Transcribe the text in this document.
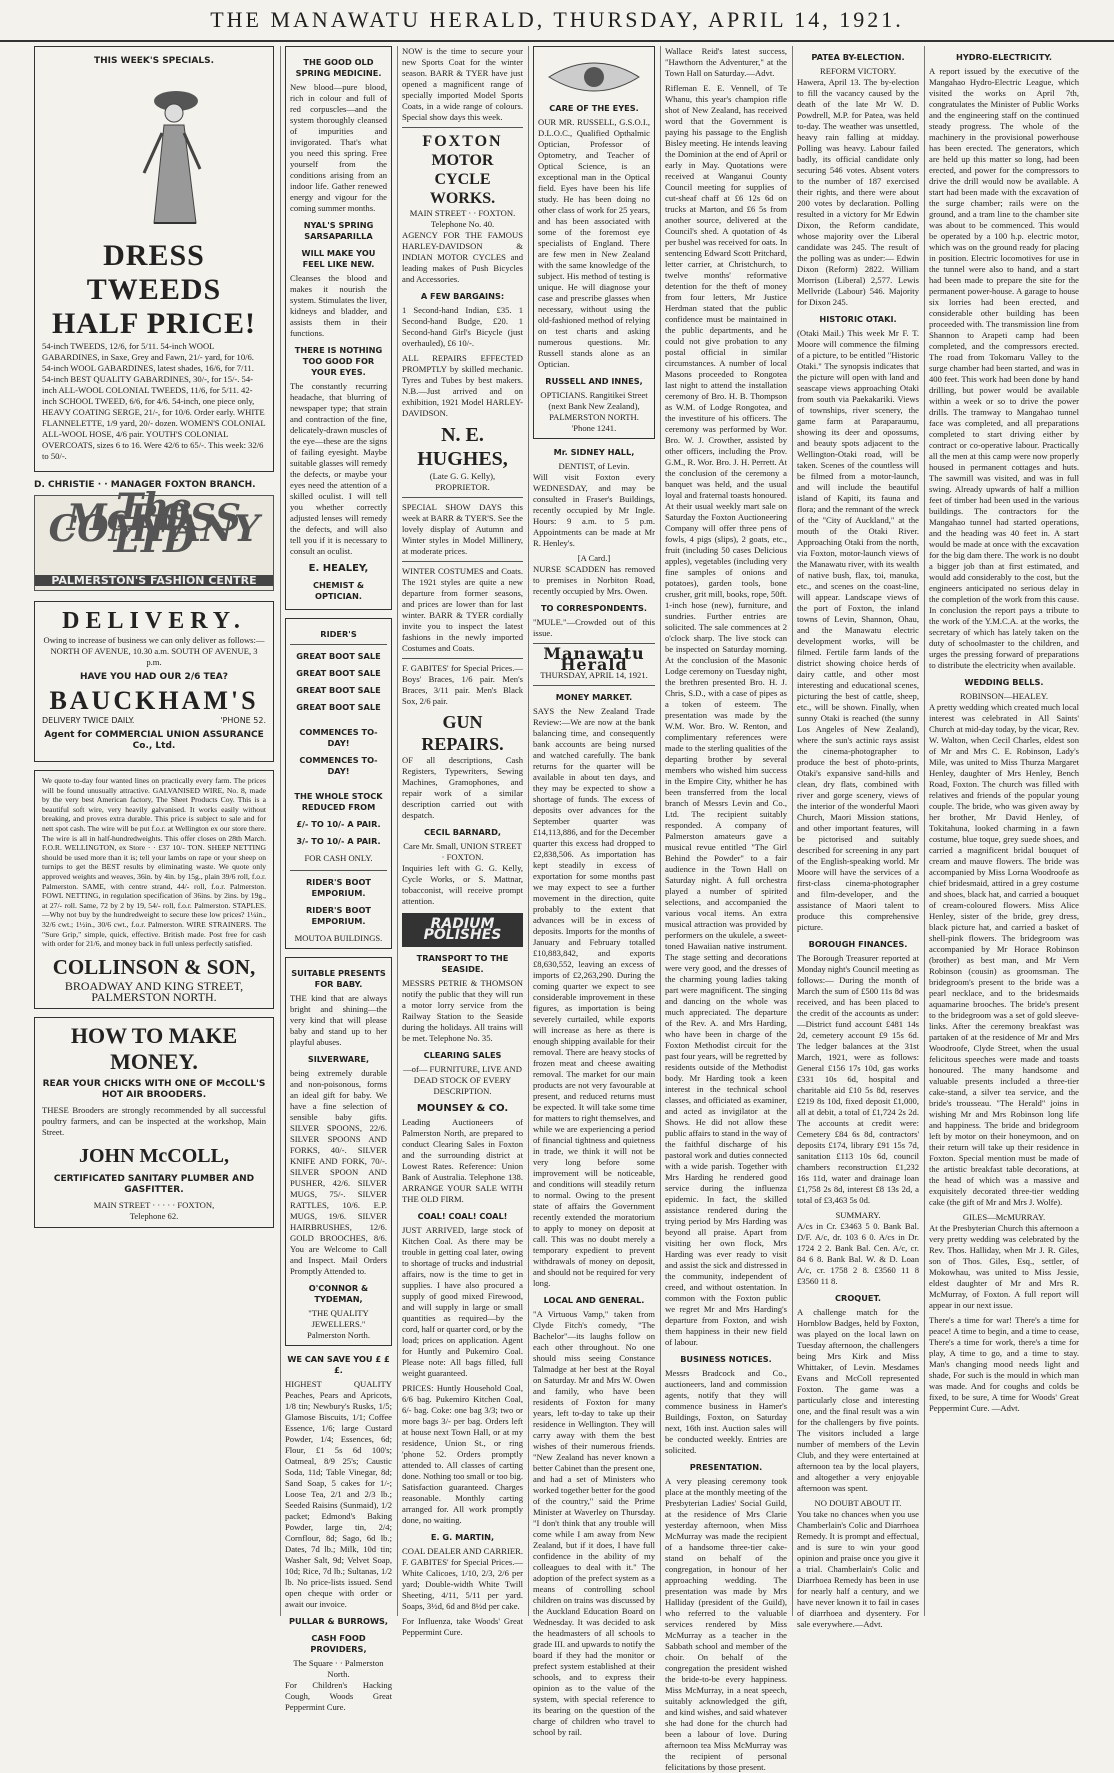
THE MANAWATU HERALD, THURSDAY, APRIL 14, 1921.
THIS WEEK'S SPECIALS.
DRESS TWEEDS
HALF PRICE!

54-inch TWEEDS, 12/6, for 5/11. 54-inch WOOL GABARDINES, in Saxe, Grey and Fawn, 21/- yard, for 10/6. 54-inch WOOL GABARDINES, latest shades, 16/6, for 7/11. 54-inch BEST QUALITY GABARDINES, 30/-, for 15/-. 54-inch ALL-WOOL COLONIAL TWEEDS, 11/6, for 5/11. 42-inch SCHOOL TWEED, 6/6, for 4/6. 54-inch, one piece only, HEAVY COATING SERGE, 21/-, for 10/6. Order early. WHITE FLANNELETTE, 1/9 yard, 20/- dozen. WOMEN'S COLONIAL ALL-WOOL HOSE, 4/6 pair. YOUTH'S COLONIAL OVERCOATS, sizes 6 to 16. Were 42/6 to 65/-. This week: 32/6 to 50/-.

D. CHRISTIE · · MANAGER FOXTON BRANCH.
The McROSS COMPANY LTD
PALMERSTON'S FASHION CENTRE
DELIVERY.

Owing to increase of business we can only deliver as follows:— NORTH OF AVENUE, 10.30 a.m. SOUTH OF AVENUE, 3 p.m.

HAVE YOU HAD OUR 2/6 TEA?
BAUCKHAM'S
DELIVERY TWICE DAILY.	'PHONE 52.
Agent for COMMERCIAL UNION ASSURANCE Co., Ltd.

We quote to-day four wanted lines on practically every farm. The prices will be found unusually attractive. GALVANISED WIRE, No. 8, made by the very best American factory, The Sheet Products Coy. This is a beautiful soft wire, very heavily galvanised. It works easily without breaking, and proves extra durable. This price is subject to sale and for nett spot cash. The wire will be put f.o.r. at Wellington ex our store there. The wire is all in half-hundredweights. This offer closes on 28th March. F.O.R. WELLINGTON, ex Store · · £37 10/- TON. SHEEP NETTING should be used more than it is; tell your lambs on rape or your sheep on turnips to get the BEST results by eliminating waste. We quote only approved weights and weaves, 36in. by 4in. by 15g., plain 39/6 roll, f.o.r. Palmerston. SAME, with centre strand, 44/- roll, f.o.r. Palmerston. FOWL NETTING, in regulation specification of 36ins. by 2ins. by 19g., at 27/- roll. Same, 72 by 2 by 19, 54/- roll, f.o.r. Palmerston. STAPLES.—Why not buy by the hundredweight to secure these low prices? 1¼in., 32/6 cwt.; 1½in., 30/6 cwt., f.o.r. Palmerston. WIRE STRAINERS. The "Sure Grip," simple, quick, effective. British made. Post free for cash with order for 21/6, and money back in full unless perfectly satisfied.

COLLINSON & SON,
BROADWAY AND KING STREET,
PALMERSTON NORTH.
HOW TO MAKE MONEY.
REAR YOUR CHICKS WITH ONE OF McCOLL'S HOT AIR BROODERS.

THESE Brooders are strongly recommended by all successful poultry farmers, and can be inspected at the workshop, Main Street.

JOHN McCOLL,
CERTIFICATED SANITARY PLUMBER AND GASFITTER.
MAIN STREET · · · · · FOXTON,
Telephone 62.
THE GOOD OLD SPRING MEDICINE.

New blood—pure blood, rich in colour and full of red corpuscles—and the system thoroughly cleansed of impurities and invigorated. That's what you need this spring. Free yourself from the conditions arising from an indoor life. Gather renewed energy and vigour for the coming summer months.

NYAL'S SPRING SARSAPARILLA
WILL MAKE YOU FEEL LIKE NEW.

Cleanses the blood and makes it nourish the system. Stimulates the liver, kidneys and bladder, and assists them in their functions.

THERE IS NOTHING TOO GOOD FOR YOUR EYES.

The constantly recurring headache, that blurring of newspaper type; that strain and contraction of the fine, delicately-drawn muscles of the eye—these are the signs of failing eyesight. Maybe suitable glasses will remedy the defects, or maybe your eyes need the attention of a skilled oculist. I will tell you whether correctly adjusted lenses will remedy the defects, and will also tell you if it is necessary to consult an oculist.

E. HEALEY,
CHEMIST & OPTICIAN.
RIDER'S
GREAT BOOT SALE
GREAT BOOT SALE
GREAT BOOT SALE
GREAT BOOT SALE
COMMENCES TO-DAY!
COMMENCES TO-DAY!
THE WHOLE STOCK REDUCED FROM
£/- TO 10/- A PAIR.
3/- TO 10/- A PAIR.
FOR CASH ONLY.
RIDER'S BOOT EMPORIUM.
RIDER'S BOOT EMPORIUM.
MOUTOA BUILDINGS.
SUITABLE PRESENTS FOR BABY.

THE kind that are always bright and shining—the very kind that will please baby and stand up to her playful abuses.

SILVERWARE,

being extremely durable and non-poisonous, forms an ideal gift for baby. We have a fine selection of sensible baby gifts. SILVER SPOONS, 22/6. SILVER SPOONS AND FORKS, 40/-. SILVER KNIFE AND FORK, 70/-. SILVER SPOON AND PUSHER, 42/6. SILVER MUGS, 75/-. SILVER RATTLES, 10/6. E.P. MUGS, 19/6. SILVER HAIRBRUSHES, 12/6. GOLD BROOCHES, 8/6. You are Welcome to Call and Inspect. Mail Orders Promptly Attended to.

O'CONNOR & TYDEMAN,
"THE QUALITY JEWELLERS."
Palmerston North.
WE CAN SAVE YOU £ £ £.

HIGHEST QUALITY Peaches, Pears and Apricots, 1/8 tin; Newbury's Rusks, 1/5; Glamose Biscuits, 1/1; Coffee Essence, 1/6; large Custard Powder, 1/4; Essences, 6d; Flour, £1 5s 6d 100's; Oatmeal, 8/9 25's; Caustic Soda, 11d; Table Vinegar, 8d; Sand Soap, 5 cakes for 1/-; Loose Tea, 2/1 and 2/3 lb.; Seeded Raisins (Sunmaid), 1/2 packet; Edmond's Baking Powder, large tin, 2/4; Cornflour, 8d; Sago, 6d lb.; Dates, 7d lb.; Milk, 10d tin; Washer Salt, 9d; Velvet Soap, 10d; Rice, 7d lb.; Sultanas, 1/2 lb. No price-lists issued. Send open cheque with order or await our invoice.

PULLAR & BURROWS,
CASH FOOD PROVIDERS,
The Square · · Palmerston North.

For Children's Hacking Cough, Woods Great Peppermint Cure.

NOW is the time to secure your new Sports Coat for the winter season. BARR & TYER have just opened a magnificent range of specially imported Model Sports Coats, in a wide range of colours. Special show days this week.

FOXTON
MOTOR CYCLE WORKS.
MAIN STREET · · FOXTON.
Telephone No. 40.

AGENCY FOR THE FAMOUS HARLEY-DAVIDSON & INDIAN MOTOR CYCLES and leading makes of Push Bicycles and Accessories.

A FEW BARGAINS:

1 Second-hand Indian, £35. 1 Second-hand Budge, £20. 1 Second-hand Girl's Bicycle (just overhauled), £6 10/-.

ALL REPAIRS EFFECTED PROMPTLY by skilled mechanic. Tyres and Tubes by best makers. N.B.—Just arrived and on exhibition, 1921 Model HARLEY-DAVIDSON.

N. E. HUGHES,
(Late G. G. Kelly), PROPRIETOR.

SPECIAL SHOW DAYS this week at BARR & TYER'S. See the lovely display of Autumn and Winter styles in Model Millinery, at moderate prices.

WINTER COSTUMES and Coats. The 1921 styles are quite a new departure from former seasons, and prices are lower than for last winter. BARR & TYER cordially invite you to inspect the latest fashions in the newly imported Costumes and Coats.

F. GABITES' for Special Prices.—Boys' Braces, 1/6 pair. Men's Braces, 3/11 pair. Men's Black Sox, 2/6 pair.

GUN REPAIRS.

OF all descriptions, Cash Registers, Typewriters, Sewing Machines, Gramophones, and repair work of a similar description carried out with despatch.

CECIL BARNARD,
Care Mr. Small, UNION STREET · FOXTON.

Inquiries left with G. G. Kelly, Cycle Works, or S. Mattnar, tobacconist, will receive prompt attention.

RADIUM POLISHES
TRANSPORT TO THE SEASIDE.

MESSRS PETRIE & THOMSON notify the public that they will run a motor lorry service from the Railway Station to the Seaside during the holidays. All trains will be met. Telephone No. 35.

CLEARING SALES
—of— FURNITURE, LIVE AND DEAD STOCK OF EVERY DESCRIPTION.
MOUNSEY & CO.

Leading Auctioneers of Palmerston North, are prepared to conduct Clearing Sales in Foxton and the surrounding district at Lowest Rates. Reference: Union Bank of Australia. Telephone 138. ARRANGE YOUR SALE WITH THE OLD FIRM.

COAL! COAL! COAL!

JUST ARRIVED, large stock of Kitchen Coal. As there may be trouble in getting coal later, owing to shortage of trucks and industrial affairs, now is the time to get in supplies. I have also procured a supply of good mixed Firewood, and will supply in large or small quantities as required—by the cord, half or quarter cord, or by the load; prices on application. Agent for Huntly and Pukemiro Coal. Please note: All bags filled, full weight guaranteed.

PRICES: Huntly Household Coal, 6/6 bag. Pukemiro Kitchen Coal, 6/- bag. Coke: one bag 3/3; two or more bags 3/- per bag. Orders left at house next Town Hall, or at my residence, Union St., or ring 'phone 52. Orders promptly attended to. All classes of carting done. Nothing too small or too big. Satisfaction guaranteed. Charges reasonable. Monthly carting arranged for. All work promptly done, no waiting.

E. G. MARTIN,
COAL DEALER AND CARRIER.

F. GABITES' for Special Prices.—White Calicoes, 1/10, 2/3, 2/6 per yard; Double-width White Twill Sheeting, 4/11, 5/11 per yard. Soaps, 3½d, 6d and 8½d per cake.

For Influenza, take Woods' Great Peppermint Cure.

CARE OF THE EYES.

OUR MR. RUSSELL, G.S.O.I., D.L.O.C., Qualified Opthalmic Optician, Professor of Optometry, and Teacher of Optical Science, is an exceptional man in the Optical field. Eyes have been his life study. He has been doing no other class of work for 25 years, and has been associated with some of the foremost eye specialists of England. There are few men in New Zealand with the same knowledge of the subject. His method of testing is unique. He will diagnose your case and prescribe glasses when necessary, without using the old-fashioned method of relying on test charts and asking numerous questions. Mr. Russell stands alone as an Optician.

RUSSELL AND INNES,
OPTICIANS. Rangitikei Street (next Bank New Zealand), PALMERSTON NORTH. 'Phone 1241.
Mr. SIDNEY HALL,
DENTIST, of Levin.

Will visit Foxton every WEDNESDAY, and may be consulted in Fraser's Buildings, recently occupied by Mr Ingle. Hours: 9 a.m. to 5 p.m. Appointments can be made at Mr R. Henley's.

[A Card.]

NURSE SCADDEN has removed to premises in Norbiton Road, recently occupied by Mrs. Owen.

TO CORRESPONDENTS.

"MULE."—Crowded out of this issue.

Manawatu Herald
THURSDAY, APRIL 14, 1921.
MONEY MARKET.

SAYS the New Zealand Trade Review:—We are now at the bank balancing time, and consequently bank accounts are being nursed and watched carefully. The bank returns for the quarter will be available in about ten days, and they may be expected to show a shortage of funds. The excess of deposits over advances for the September quarter was £14,113,886, and for the December quarter this excess had dropped to £2,838,506. As importation has kept steadily in excess of exportation for some months past we may expect to see a further movement in the direction, quite probably to the extent that advances will be in excess of deposits. Imports for the months of January and February totalled £10,883,842, and exports £8,630,552, leaving an excess of imports of £2,263,290. During the coming quarter we expect to see considerable improvement in these figures, as importation is being severely curtailed, while exports will increase as here as there is enough shipping available for their removal. There are heavy stocks of frozen meat and cheese awaiting removal. The market for our main products are not very favourable at present, and reduced returns must be expected. It will take some time for matters to right themselves, and while we are experiencing a period of financial tightness and quietness in trade, we think it will not be very long before some improvement will be noticeable, and conditions will steadily return to normal. Owing to the present state of affairs the Government recently extended the moratorium to apply to money on deposit at call. This was no doubt merely a temporary expedient to prevent withdrawals of money on deposit, and should not be required for very long.

LOCAL AND GENERAL.

"A Virtuous Vamp," taken from Clyde Fitch's comedy, "The Bachelor"—its laughs follow on each other throughout. No one should miss seeing Constance Talmadge at her best at the Royal on Saturday. Mr and Mrs W. Owen and family, who have been residents of Foxton for many years, left to-day to take up their residence in Wellington. They will carry away with them the best wishes of their numerous friends. "New Zealand has never known a better Cabinet than the present one, and had a set of Ministers who worked together better for the good of the country," said the Prime Minister at Waverley on Thursday. "I don't think that any trouble will come while I am away from New Zealand, but if it does, I have full confidence in the ability of my colleagues to deal with it." The adoption of the prefect system as a means of controlling school children on trains was discussed by the Auckland Education Board on Wednesday. It was decided to ask the headmasters of all schools to grade III. and upwards to notify the board if they had the monitor or prefect system established at their schools, and to express their opinion as to the value of the system, with special reference to its bearing on the question of the charge of children who travel to school by rail.

Wallace Reid's latest success, "Hawthorn the Adventurer," at the Town Hall on Saturday.—Advt.

Rifleman E. E. Vennell, of Te Whanu, this year's champion rifle shot of New Zealand, has received word that the Government is paying his passage to the English Bisley meeting. He intends leaving the Dominion at the end of April or early in May. Quotations were received at Wanganui County Council meeting for supplies of cut-sheaf chaff at £6 12s 6d on trucks at Marton, and £6 5s from another source, delivered at the Council's shed. A quotation of 4s per bushel was received for oats. In sentencing Edward Scott Pritchard, letter carrier, at Christchurch, to twelve months' reformative detention for the theft of money from four letters, Mr Justice Herdman stated that the public confidence must be maintained in the public departments, and he could not give probation to any postal official in similar circumstances. A number of local Masons proceeded to Rongotea last night to attend the installation ceremony of Bro. H. B. Thompson as W.M. of Lodge Rongotea, and the investiture of his officers. The ceremony was performed by Wor. Bro. W. J. Crowther, assisted by other officers, including the Prov. G.M., R. Wor. Bro. J. H. Perrett. At the conclusion of the ceremony a banquet was held, and the usual loyal and fraternal toasts honoured. At their usual weekly mart sale on Saturday the Foxton Auctioneering Company will offer three pens of fowls, 4 pigs (slips), 2 goats, etc., fruit (including 50 cases Delicious apples), vegetables (including very fine samples of onions and potatoes), garden tools, bone crusher, grit mill, books, rope, 50ft. 1-inch hose (new), furniture, and sundries. Further entries are solicited. The sale commences at 2 o'clock sharp. The live stock can be inspected on Saturday morning. At the conclusion of the Masonic Lodge ceremony on Tuesday night, the brethren presented Bro. H. J. Chris, S.D., with a case of pipes as a token of esteem. The presentation was made by the W.M. Wor. Bro. W. Renton, and complimentary references were made to the sterling qualities of the departing brother by several members who wished him success in the Empire City, whither he has been transferred from the local branch of Messrs Levin and Co., Ltd. The recipient suitably responded. A company of Palmerston amateurs gave a musical revue entitled "The Girl Behind the Powder" to a fair audience in the Town Hall on Saturday night. A full orchestra played a number of spirited selections, and accompanied the various vocal items. An extra musical attraction was provided by performers on the ukulele, a sweet-toned Hawaiian native instrument. The stage setting and decorations were very good, and the dresses of the charming young ladies taking part were magnificent. The singing and dancing on the whole was much appreciated. The departure of the Rev. A. and Mrs Harding, who have been in charge of the Foxton Methodist circuit for the past four years, will be regretted by residents outside of the Methodist body. Mr Harding took a keen interest in the technical school classes, and officiated as examiner, and acted as invigilator at the Shows. He did not allow these public affairs to stand in the way of the faithful discharge of his pastoral work and duties connected with a wide parish. Together with Mrs Harding he rendered good service during the influenza epidemic. In fact, the skilled assistance rendered during the trying period by Mrs Harding was beyond all praise. Apart from visiting her own flock, Mrs Harding was ever ready to visit and assist the sick and distressed in the community, independent of creed, and without ostentation. In common with the Foxton public we regret Mr and Mrs Harding's departure from Foxton, and wish them happiness in their new field of labour.

BUSINESS NOTICES.

Messrs Bradcock and Co., auctioneers, land and commission agents, notify that they will commence business in Hamer's Buildings, Foxton, on Saturday next, 16th inst. Auction sales will be conducted weekly. Entries are solicited.

PRESENTATION.

A very pleasing ceremony took place at the monthly meeting of the Presbyterian Ladies' Social Guild, at the residence of Mrs Clarie yesterday afternoon, when Miss McMurray was made the recipient of a handsome three-tier cake-stand on behalf of the congregation, in honour of her approaching wedding. The presentation was made by Mrs Halliday (president of the Guild), who referred to the valuable services rendered by Miss McMurray as a teacher in the Sabbath school and member of the choir. On behalf of the congregation the president wished the bride-to-be every happiness. Miss McMurray, in a neat speech, suitably acknowledged the gift, and kind wishes, and said whatever she had done for the church had been a labour of love. During afternoon tea Miss McMurray was the recipient of personal felicitations by those present.

PATEA BY-ELECTION.
REFORM VICTORY.

Hawera, April 13. The by-election to fill the vacancy caused by the death of the late Mr W. D. Powdrell, M.P. for Patea, was held to-day. The weather was unsettled, heavy rain falling at midday. Polling was heavy. Labour failed badly, its official candidate only securing 546 votes. Absent voters to the number of 187 exercised their rights, and there were about 200 votes by declaration. Polling resulted in a victory for Mr Edwin Dixon, the Reform candidate, whose majority over the Liberal candidate was 245. The result of the polling was as under:— Edwin Dixon (Reform) 2822. William Morrison (Liberal) 2,577. Lewis Mellvride (Labour) 546. Majority for Dixon 245.

HISTORIC OTAKI.

(Otaki Mail.) This week Mr F. T. Moore will commence the filming of a picture, to be entitled "Historic Otaki." The synopsis indicates that the picture will open with land and seascape views approaching Otaki from south via Paekakariki. Views of townships, river scenery, the game farm at Paraparaumu, showing its deer and opossums, and beauty spots adjacent to the Wellington-Otaki road, will be taken. Scenes of the countless will be filmed from a motor-launch, and will include the beautiful island of Kapiti, its fauna and flora; and the remnant of the wreck of the "City of Auckland," at the mouth of the Otaki River. Approaching Otaki from the north, via Foxton, motor-launch views of the Manawatu river, with its wealth of native bush, flax, toi, manuka, etc., and scenes on the coast-line, will appear. Landscape views of the port of Foxton, the inland towns of Levin, Shannon, Ohau, and the Manawatu electric development works, will be filmed. Fertile farm lands of the district showing choice herds of dairy cattle, and other most interesting and educational scenes, picturing the best of cattle, sheep, etc., will be shown. Finally, when sunny Otaki is reached (the sunny Los Angeles of New Zealand), where the sun's actinic rays assist the cinema-photographer to produce the best of photo-prints, Otaki's expansive sand-hills and clean, dry flats, combined with river and gorge scenery, views of the interior of the wonderful Maori Church, Maori Mission stations, and other important features, will be pictorised and suitably described for screening in any part of the English-speaking world. Mr Moore will have the services of a first-class cinema-photographer and film-developer, and the assistance of Maori talent to produce this comprehensive picture.

BOROUGH FINANCES.

The Borough Treasurer reported at Monday night's Council meeting as follows:— During the month of March the sum of £500 11s 8d was received, and has been placed to the credit of the accounts as under:—District fund account £481 14s 2d, cemetery account £9 15s 6d. The ledger balances at the 31st March, 1921, were as follows: General £156 17s 10d, gas works £331 10s 6d, hospital and charitable aid £10 5s 8d, reserves £219 8s 10d, fixed deposit £1,000, all at debit, a total of £1,724 2s 2d. The accounts at credit were: Cemetery £84 6s 8d, contractors' deposits £174, library £91 15s 7d, sanitation £113 10s 6d, council chambers reconstruction £1,232 16s 11d, water and drainage loan £1,758 2s 8d, interest £8 13s 2d, a total of £3,463 5s 0d.

SUMMARY.

A/cs in Cr. £3463 5 0. Bank Bal. D/F. A/c, dr. 103 6 0. A/cs in Dr. 1724 2 2. Bank Bal. Cen. A/c, cr. 84 6 8. Bank Bal. W. & D. Loan A/c, cr. 1758 2 8. £3560 11 8 £3560 11 8.

CROQUET.

A challenge match for the Hornblow Badges, held by Foxton, was played on the local lawn on Tuesday afternoon, the challengers being Mrs Kirk and Miss Whittaker, of Levin. Mesdames Evans and McColl represented Foxton. The game was a particularly close and interesting one, and the final result was a win for the challengers by five points. The visitors included a large number of members of the Levin Club, and they were entertained at afternoon tea by the local players, and altogether a very enjoyable afternoon was spent.

NO DOUBT ABOUT IT.

You take no chances when you use Chamberlain's Colic and Diarrhoea Remedy. It is prompt and effectual, and is sure to win your good opinion and praise once you give it a trial. Chamberlain's Colic and Diarrhoea Remedy has been in use for nearly half a century, and we have never known it to fail in cases of diarrhoea and dysentery. For sale everywhere.—Advt.

HYDRO-ELECTRICITY.

A report issued by the executive of the Mangahao Hydro-Electric League, which visited the works on April 7th, congratulates the Minister of Public Works and the engineering staff on the continued steady progress. The whole of the machinery in the provisional powerhouse has been erected. The generators, which are held up this matter so long, had been erected, and power for the compressors to drive the drill would now be available. A start had been made with the excavation of the surge chamber; rails were on the ground, and a tram line to the chamber site was about to be commenced. This would be operated by a 100 h.p. electric motor, which was on the ground ready for placing in position. Electric locomotives for use in the tunnel were also to hand, and a start had been made to prepare the site for the permanent power-house. A garage to house six lorries had been erected, and considerable other building has been proceeded with. The transmission line from Shannon to Arapeti camp had been completed, and the compressors erected. The road from Tokomaru Valley to the surge chamber had been started, and was in 400 feet. This work had been done by hand drilling, but power would be available within a week or so to drive the power drills. The tramway to Mangahao tunnel face was completed, and all preparations completed to start driving either by contract or co-operative labour. Practically all the men at this camp were now properly housed in permanent cottages and huts. The sawmill was visited, and was in full swing. Already upwards of half a million feet of timber had been used in the various buildings. The contractors for the Mangahao tunnel had started operations, and the heading was 40 feet in. A start would be made at once with the excavation for the big dam there. The work is no doubt a bigger job than at first estimated, and would add considerably to the cost, but the engineers anticipated no serious delay in the completion of the work from this cause. In conclusion the report pays a tribute to the work of the Y.M.C.A. at the works, the secretary of which has lately taken on the duty of schoolmaster to the children, and urges the pressing forward of preparations to distribute the electricity when available.

WEDDING BELLS.
ROBINSON—HEALEY.

A pretty wedding which created much local interest was celebrated in All Saints' Church at mid-day today, by the vicar, Rev. W. Walton, when Cecil Charles, eldest son of Mr and Mrs C. E. Robinson, Lady's Mile, was united to Miss Thurza Margaret Henley, daughter of Mrs Henley, Bench Road, Foxton. The church was filled with relatives and friends of the popular young couple. The bride, who was given away by her brother, Mr David Henley, of Tokitahuna, looked charming in a fawn costume, blue toque, grey suede shoes, and carried a magnificent bridal bouquet of cream and mauve flowers. The bride was accompanied by Miss Lorna Woodroofe as chief bridesmaid, attired in a grey costume and shoes, black hat, and carried a bouquet of cream-coloured flowers. Miss Alice Henley, sister of the bride, grey dress, black picture hat, and carried a basket of shell-pink flowers. The bridegroom was accompanied by Mr Horace Robinson (brother) as best man, and Mr Vern Robinson (cousin) as groomsman. The bridegroom's present to the bride was a pearl necklace, and to the bridesmaids aquamarine brooches. The bride's present to the bridegroom was a set of gold sleeve-links. After the ceremony breakfast was partaken of at the residence of Mr and Mrs Woodroofe, Clyde Street, when the usual felicitous speeches were made and toasts honoured. The many handsome and valuable presents included a three-tier cake-stand, a silver tea service, and the bride's trousseau. "The Herald" joins in wishing Mr and Mrs Robinson long life and happiness. The bride and bridegroom left by motor on their honeymoon, and on their return will take up their residence in Foxton. Special mention must be made of the artistic breakfast table decorations, at the head of which was a massive and exquisitely decorated three-tier wedding cake (the gift of Mr and Mrs J. Wolfe).

GILES—McMURRAY.

At the Presbyterian Church this afternoon a very pretty wedding was celebrated by the Rev. Thos. Halliday, when Mr J. R. Giles, son of Thos. Giles, Esq., settler, of Mokowhau, was united to Miss Jessie, eldest daughter of Mr and Mrs R. McMurray, of Foxton. A full report will appear in our next issue.

There's a time for war! There's a time for peace! A time to begin, and a time to cease, There's a time for work, there's a time for play, A time to go, and a time to stay. Man's changing mood needs light and shade, For such is the mould in which man was made. And for coughs and colds be fixed, to be sure, A time for Woods' Great Peppermint Cure. —Advt.
